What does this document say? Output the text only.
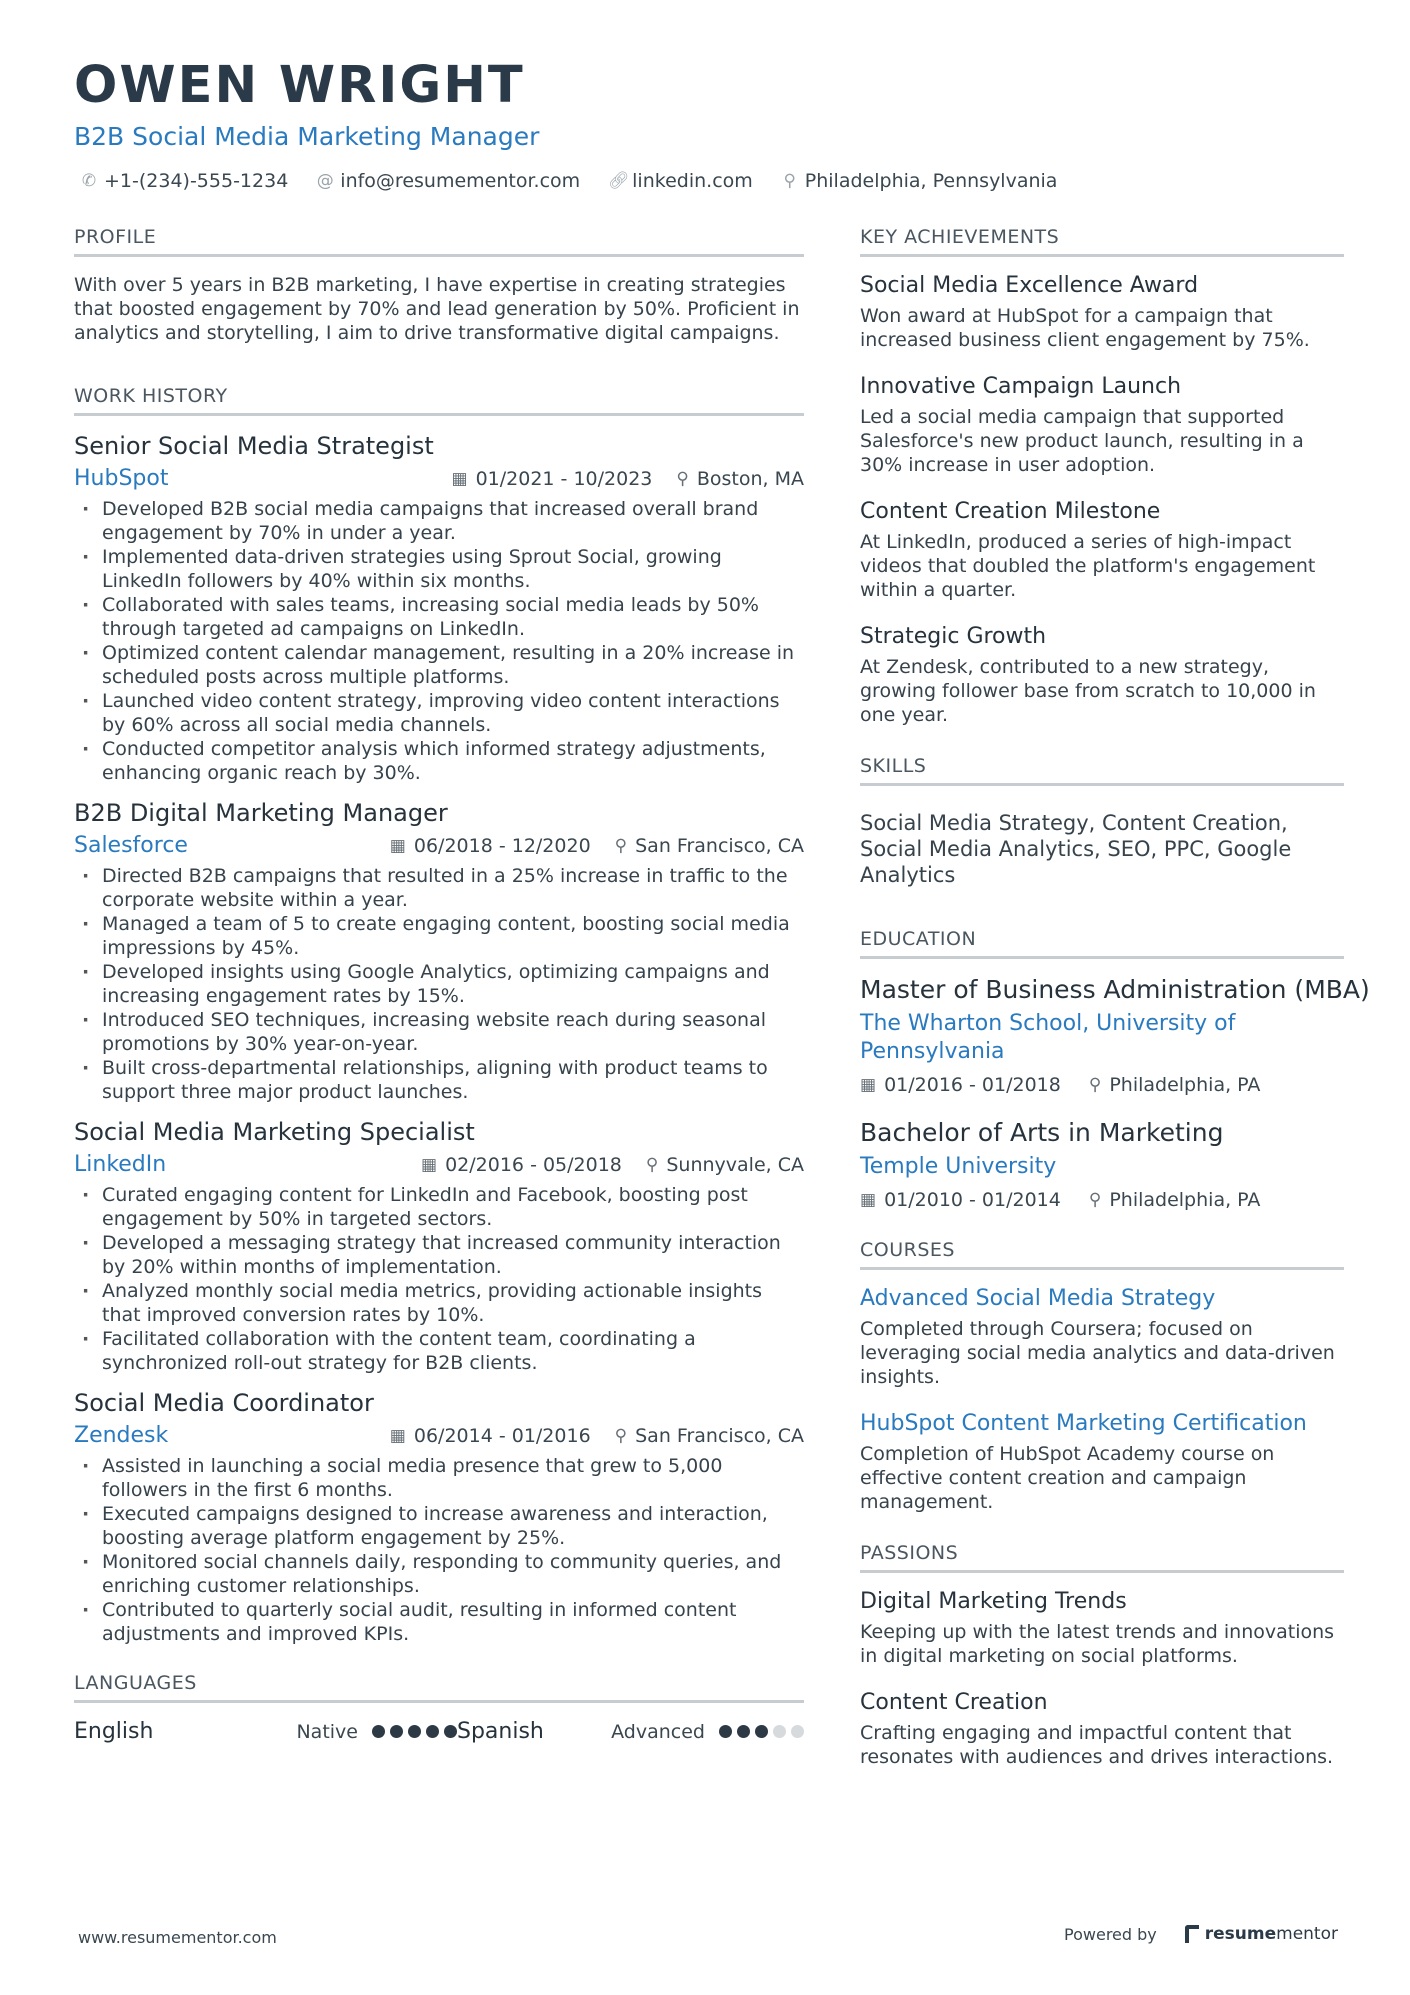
OWEN WRIGHT
B2B Social Media Marketing Manager
✆ +1-(234)-555-1234 @ info@resumementor.com 🔗︎ linkedin.com ⚲ Philadelphia, Pennsylvania
PROFILE
With over 5 years in B2B marketing, I have expertise in creating strategies that boosted engagement by 70% and lead generation by 50%. Proficient in analytics and storytelling, I aim to drive transformative digital campaigns.
WORK HISTORY
Senior Social Media Strategist
HubSpot	▦ 01/2021 - 10/2023 ⚲ Boston, MA
· Developed B2B social media campaigns that increased overall brand engagement by 70% in under a year.
· Implemented data-driven strategies using Sprout Social, growing LinkedIn followers by 40% within six months.
· Collaborated with sales teams, increasing social media leads by 50% through targeted ad campaigns on LinkedIn.
· Optimized content calendar management, resulting in a 20% increase in scheduled posts across multiple platforms.
· Launched video content strategy, improving video content interactions by 60% across all social media channels.
· Conducted competitor analysis which informed strategy adjustments, enhancing organic reach by 30%.
B2B Digital Marketing Manager
Salesforce	▦ 06/2018 - 12/2020 ⚲ San Francisco, CA
· Directed B2B campaigns that resulted in a 25% increase in traffic to the corporate website within a year.
· Managed a team of 5 to create engaging content, boosting social media impressions by 45%.
· Developed insights using Google Analytics, optimizing campaigns and increasing engagement rates by 15%.
· Introduced SEO techniques, increasing website reach during seasonal promotions by 30% year-on-year.
· Built cross-departmental relationships, aligning with product teams to support three major product launches.
Social Media Marketing Specialist
LinkedIn	▦ 02/2016 - 05/2018 ⚲ Sunnyvale, CA
· Curated engaging content for LinkedIn and Facebook, boosting post engagement by 50% in targeted sectors.
· Developed a messaging strategy that increased community interaction by 20% within months of implementation.
· Analyzed monthly social media metrics, providing actionable insights that improved conversion rates by 10%.
· Facilitated collaboration with the content team, coordinating a synchronized roll-out strategy for B2B clients.
Social Media Coordinator
Zendesk	▦ 06/2014 - 01/2016 ⚲ San Francisco, CA
· Assisted in launching a social media presence that grew to 5,000 followers in the first 6 months.
· Executed campaigns designed to increase awareness and interaction, boosting average platform engagement by 25%.
· Monitored social channels daily, responding to community queries, and enriching customer relationships.
· Contributed to quarterly social audit, resulting in informed content adjustments and improved KPIs.
LANGUAGES
English	Native	Spanish	Advanced
KEY ACHIEVEMENTS
Social Media Excellence Award
Won award at HubSpot for a campaign that increased business client engagement by 75%.
Innovative Campaign Launch
Led a social media campaign that supported Salesforce's new product launch, resulting in a 30% increase in user adoption.
Content Creation Milestone
At LinkedIn, produced a series of high-impact videos that doubled the platform's engagement within a quarter.
Strategic Growth
At Zendesk, contributed to a new strategy, growing follower base from scratch to 10,000 in one year.
SKILLS
Social Media Strategy, Content Creation, Social Media Analytics, SEO, PPC, Google Analytics
EDUCATION
Master of Business Administration (MBA)
The Wharton School, University of Pennsylvania
▦ 01/2016 - 01/2018 ⚲ Philadelphia, PA
Bachelor of Arts in Marketing
Temple University
▦ 01/2010 - 01/2014 ⚲ Philadelphia, PA
COURSES
Advanced Social Media Strategy
Completed through Coursera; focused on leveraging social media analytics and data-driven insights.
HubSpot Content Marketing Certification
Completion of HubSpot Academy course on effective content creation and campaign management.
PASSIONS
Digital Marketing Trends
Keeping up with the latest trends and innovations in digital marketing on social platforms.
Content Creation
Crafting engaging and impactful content that resonates with audiences and drives interactions.
www.resumementor.com	Powered by	resume mentor
